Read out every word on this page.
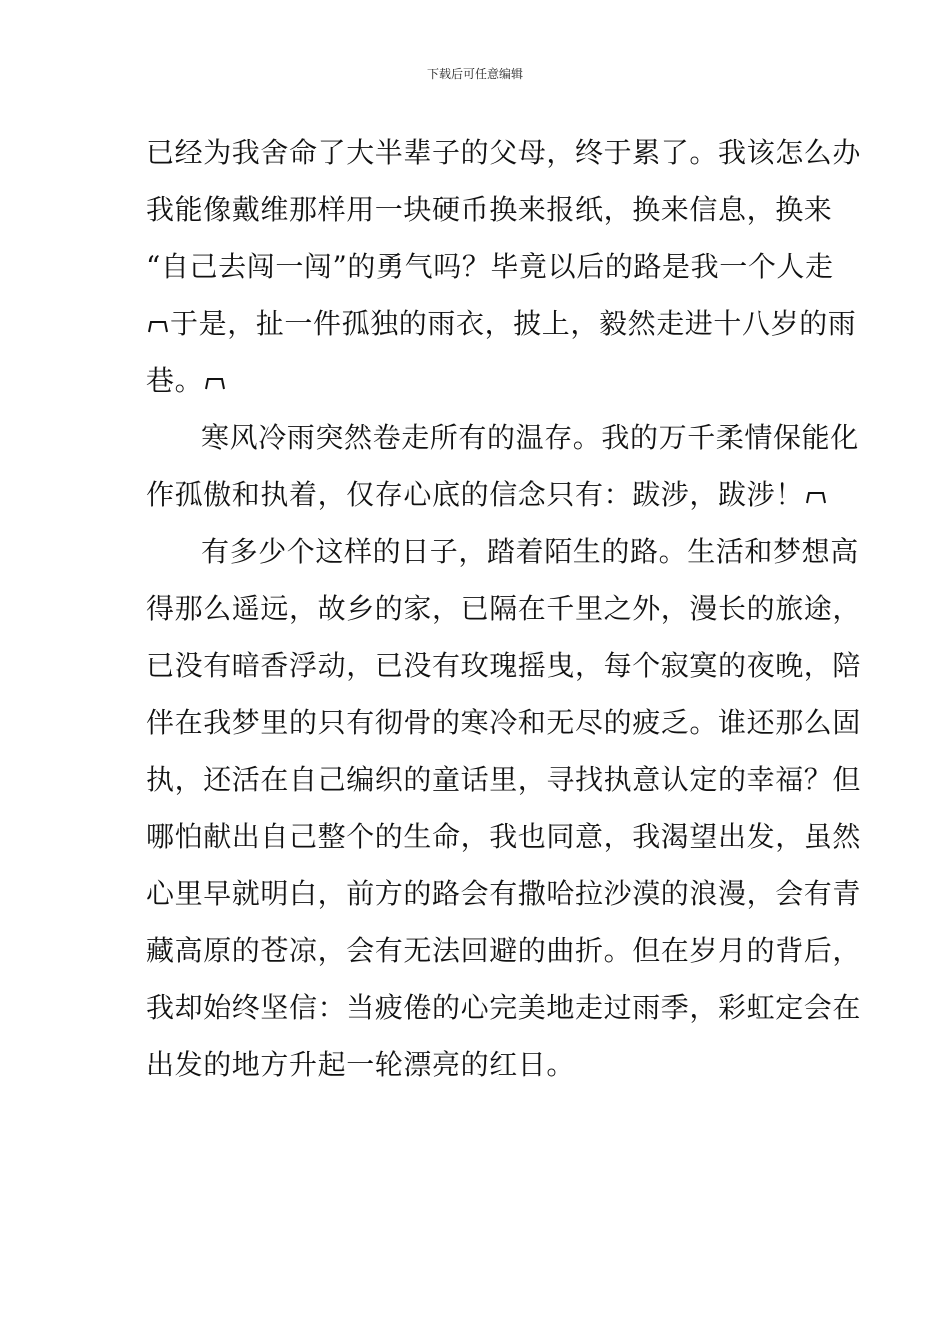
下载后可任意编辑
已经为我舍命了大半辈子的父母，终于累了。我该怎么办
我能像戴维那样用一块硬币换来报纸，换来信息，换来
“自己去闯一闯”的勇气吗？毕竟以后的路是我一个人走
于是，扯一件孤独的雨衣，披上，毅然走进十八岁的雨
巷。
寒风冷雨突然卷走所有的温存。我的万千柔情保能化
作孤傲和执着，仅存心底的信念只有：跋涉，跋涉！
有多少个这样的日子，踏着陌生的路。生活和梦想高
得那么遥远，故乡的家，已隔在千里之外，漫长的旅途，
已没有暗香浮动，已没有玫瑰摇曳，每个寂寞的夜晚，陪
伴在我梦里的只有彻骨的寒冷和无尽的疲乏。谁还那么固
执，还活在自己编织的童话里，寻找执意认定的幸福？但
哪怕献出自己整个的生命，我也同意，我渴望出发，虽然
心里早就明白，前方的路会有撒哈拉沙漠的浪漫，会有青
藏高原的苍凉，会有无法回避的曲折。但在岁月的背后，
我却始终坚信：当疲倦的心完美地走过雨季，彩虹定会在
出发的地方升起一轮漂亮的红日。
